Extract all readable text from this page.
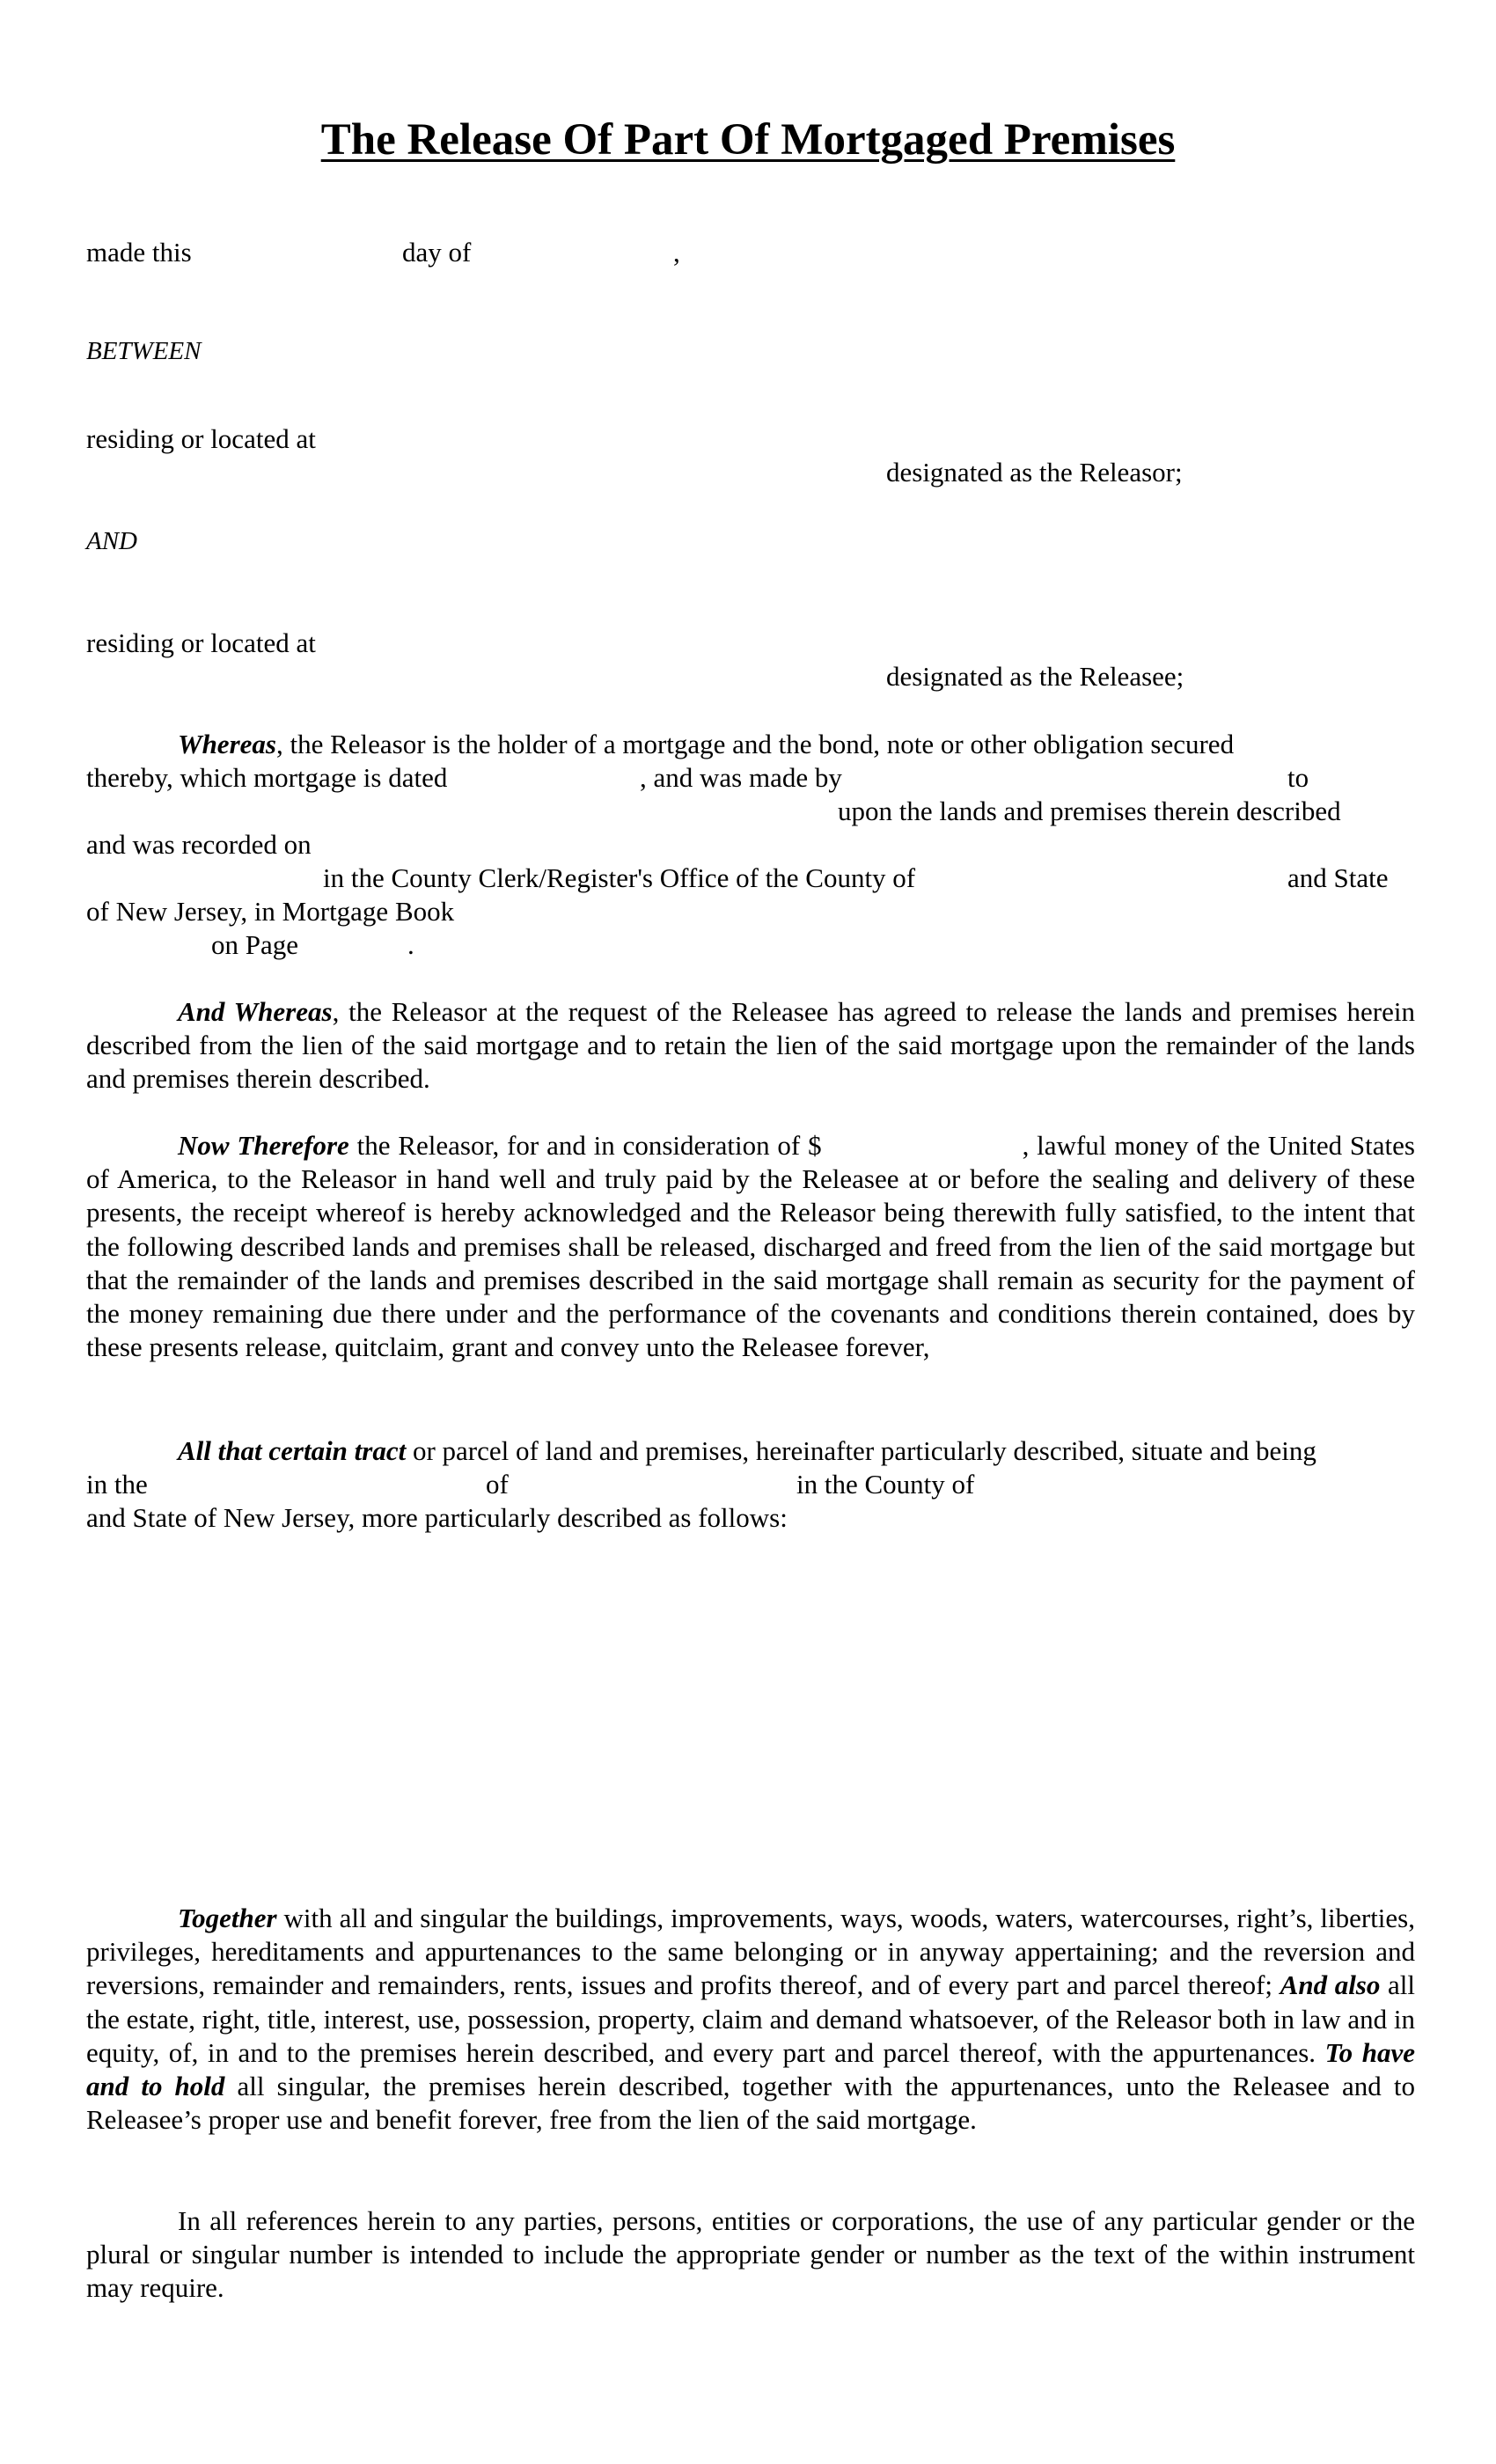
The Release Of Part Of Mortgaged Premises
made this	day of	,
BETWEEN
residing or located at
designated as the Releasor;
AND
residing or located at
designated as the Releasee;
Whereas, the Releasor is the holder of a mortgage and the bond, note or other obligation secured
thereby, which mortgage is dated	, and was made by	to
upon the lands and premises therein described
and was recorded on
in the County Clerk/Register's Office of the County of	and State
of New Jersey, in Mortgage Book
on Page	.
And Whereas, the Releasor at the request of the Releasee has agreed to release the lands and premises herein described from the lien of the said mortgage and to retain the lien of the said mortgage upon the remainder of the lands and premises therein described.
Now Therefore the Releasor, for and in consideration of $	, lawful money of the United States of America, to the Releasor in hand well and truly paid by the Releasee at or before the sealing and delivery of these presents, the receipt whereof is hereby acknowledged and the Releasor being therewith fully satisfied, to the intent that the following described lands and premises shall be released, discharged and freed from the lien of the said mortgage but that the remainder of the lands and premises described in the said mortgage shall remain as security for the payment of the money remaining due there under and the performance of the covenants and conditions therein contained, does by these presents release, quitclaim, grant and convey unto the Releasee forever,
All that certain tract or parcel of land and premises, hereinafter particularly described, situate and being
in the	of	in the County of
and State of New Jersey, more particularly described as follows:
Together with all and singular the buildings, improvements, ways, woods, waters, watercourses, right’s, liberties, privileges, hereditaments and appurtenances to the same belonging or in anyway appertaining; and the reversion and reversions, remainder and remainders, rents, issues and profits thereof, and of every part and parcel thereof; And also all the estate, right, title, interest, use, possession, property, claim and demand whatsoever, of the Releasor both in law and in equity, of, in and to the premises herein described, and every part and parcel thereof, with the appurtenances. To have and to hold all singular, the premises herein described, together with the appurtenances, unto the Releasee and to Releasee’s proper use and benefit forever, free from the lien of the said mortgage.
In all references herein to any parties, persons, entities or corporations, the use of any particular gender or the plural or singular number is intended to include the appropriate gender or number as the text of the within instrument may require.
